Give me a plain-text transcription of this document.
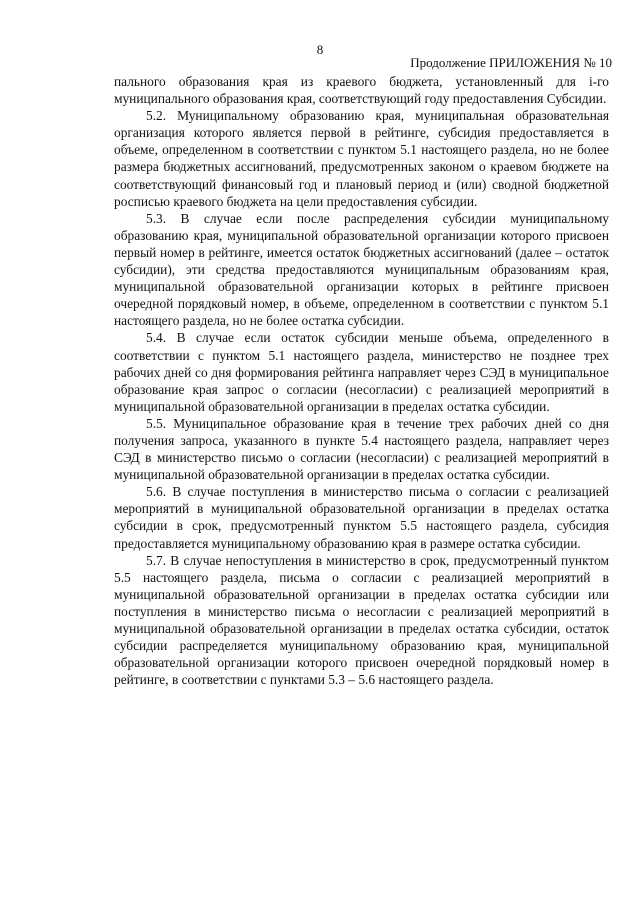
8
Продолжение ПРИЛОЖЕНИЯ № 10

пального образования края из краевого бюджета, установленный для i-го муниципального образования края, соответствующий году предоставления Субсидии.

5.2. Муниципальному образованию края, муниципальная образовательная организация которого является первой в рейтинге, субсидия предоставляется в объеме, определенном в соответствии с пунктом 5.1 настоящего раздела, но не более размера бюджетных ассигнований, предусмотренных законом о краевом бюджете на соответствующий финансовый год и плановый период и (или) сводной бюджетной росписью краевого бюджета на цели предоставления субсидии.

5.3. В случае если после распределения субсидии муниципальному образованию края, муниципальной образовательной организации которого присвоен первый номер в рейтинге, имеется остаток бюджетных ассигнований (далее – остаток субсидии), эти средства предоставляются муниципальным образованиям края, муниципальной образовательной организации которых в рейтинге присвоен очередной порядковый номер, в объеме, определенном в соответствии с пунктом 5.1 настоящего раздела, но не более остатка субсидии.

5.4. В случае если остаток субсидии меньше объема, определенного в соответствии с пунктом 5.1 настоящего раздела, министерство не позднее трех рабочих дней со дня формирования рейтинга направляет через СЭД в муниципальное образование края запрос о согласии (несогласии) с реализацией мероприятий в муниципальной образовательной организации в пределах остатка субсидии.

5.5. Муниципальное образование края в течение трех рабочих дней со дня получения запроса, указанного в пункте 5.4 настоящего раздела, направляет через СЭД в министерство письмо о согласии (несогласии) с реализацией мероприятий в муниципальной образовательной организации в пределах остатка субсидии.

5.6. В случае поступления в министерство письма о согласии с реализацией мероприятий в муниципальной образовательной организации в пределах остатка субсидии в срок, предусмотренный пунктом 5.5 настоящего раздела, субсидия предоставляется муниципальному образованию края в размере остатка субсидии.

5.7. В случае непоступления в министерство в срок, предусмотренный пунктом 5.5 настоящего раздела, письма о согласии с реализацией мероприятий в муниципальной образовательной организации в пределах остатка субсидии или поступления в министерство письма о несогласии с реализацией мероприятий в муниципальной образовательной организации в пределах остатка субсидии, остаток субсидии распределяется муниципальному образованию края, муниципальной образовательной организации которого присвоен очередной порядковый номер в рейтинге, в соответствии с пунктами 5.3 – 5.6 настоящего раздела.
